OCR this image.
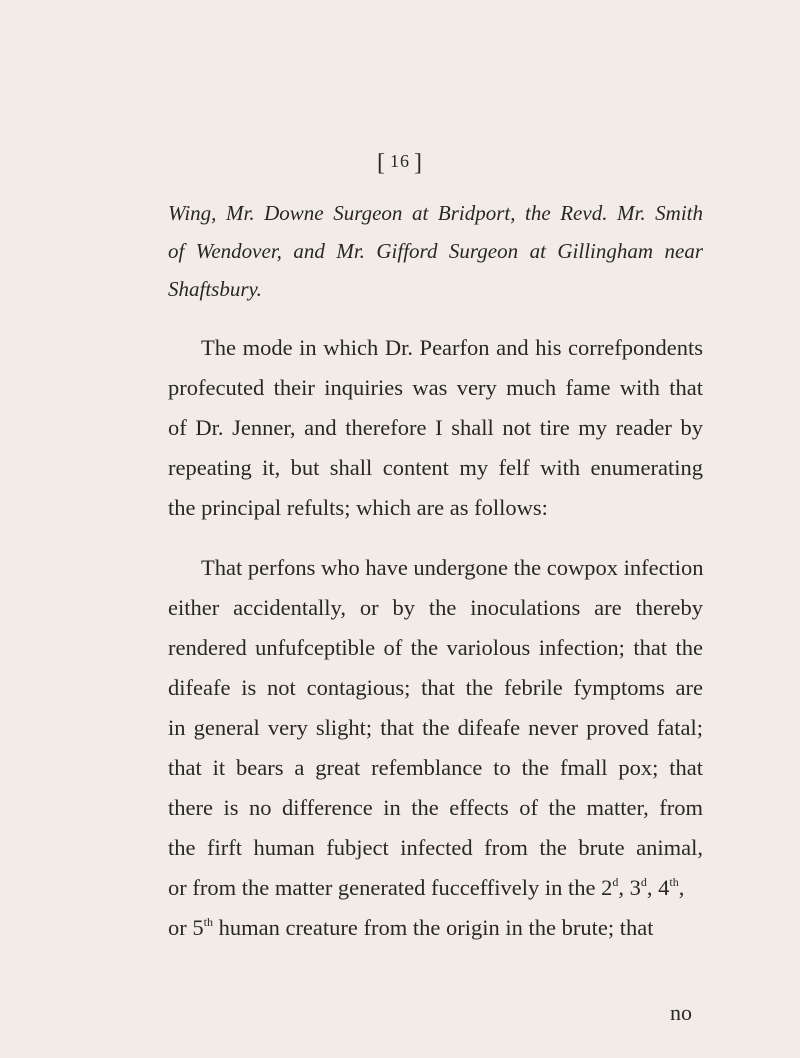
[ 16 ]
Wing, Mr. Downe Surgeon at Bridport, the Revd. Mr. Smith
of Wendover, and Mr. Gifford Surgeon at Gillingham near
Shaftsbury.
The mode in which Dr. Pearfon and his correfpondents
profecuted their inquiries was very much fame with that
of Dr. Jenner, and therefore I shall not tire my reader by
repeating it, but shall content my felf with enumerating
the principal refults; which are as follows:
That perfons who have undergone the cowpox infection
either accidentally, or by the inoculations are thereby
rendered unfufceptible of the variolous infection; that the
difeafe is not contagious; that the febrile fymptoms are
in general very slight; that the difeafe never proved fatal;
that it bears a great refemblance to the fmall pox; that
there is no difference in the effects of the matter, from
the firft human fubject infected from the brute animal,
or from the matter generated fucceffively in the 2$^d$, 3$^d$, 4th,
or 5th human creature from the origin in the brute; that
no
